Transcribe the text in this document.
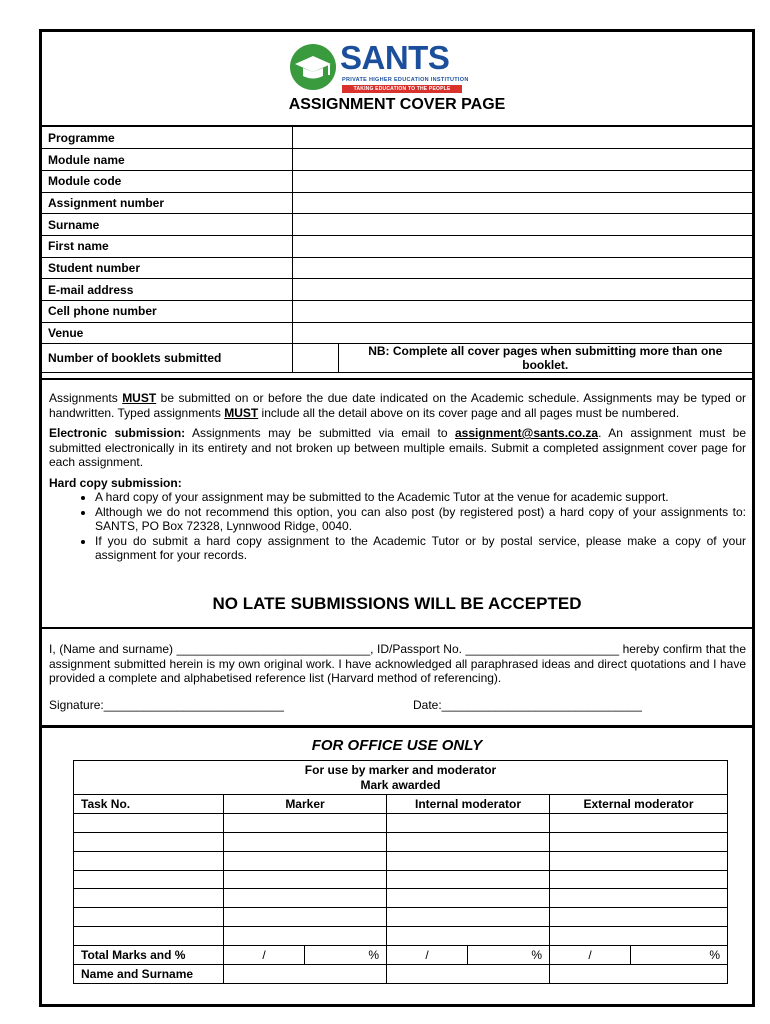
SANTS
PRIVATE HIGHER EDUCATION INSTITUTION
TAKING EDUCATION TO THE PEOPLE
ASSIGNMENT COVER PAGE
Programme		
Module name		
Module code		
Assignment number		
Surname		
First name		
Student number		
E-mail address		
Cell phone number		
Venue		
Number of booklets submitted		NB: Complete all cover pages when submitting more than one booklet.

Assignments MUST be submitted on or before the due date indicated on the Academic schedule. Assignments may be typed or handwritten. Typed assignments MUST include all the detail above on its cover page and all pages must be numbered.

Electronic submission: Assignments may be submitted via email to assignment@sants.co.za. An assignment must be submitted electronically in its entirety and not broken up between multiple emails. Submit a completed assignment cover page for each assignment.

Hard copy submission:
• A hard copy of your assignment may be submitted to the Academic Tutor at the venue for academic support.
• Although we do not recommend this option, you can also post (by registered post) a hard copy of your assignments to: SANTS, PO Box 72328, Lynnwood Ridge, 0040.
• If you do submit a hard copy assignment to the Academic Tutor or by postal service, please make a copy of your assignment for your records.
NO LATE SUBMISSIONS WILL BE ACCEPTED
I, (Name and surname) _____________________________, ID/Passport No. _______________________ hereby confirm that the assignment submitted herein is my own original work. I have acknowledged all paraphrased ideas and direct quotations and I have provided a complete and alphabetised reference list (Harvard method of referencing).
Signature:___________________________	Date:______________________________
FOR OFFICE USE ONLY
For use by marker and moderator
Mark awarded						

Task No.	Marker		Internal moderator		External moderator	

Total Marks and %	/	%	/	%	/	%
Name and Surname						
